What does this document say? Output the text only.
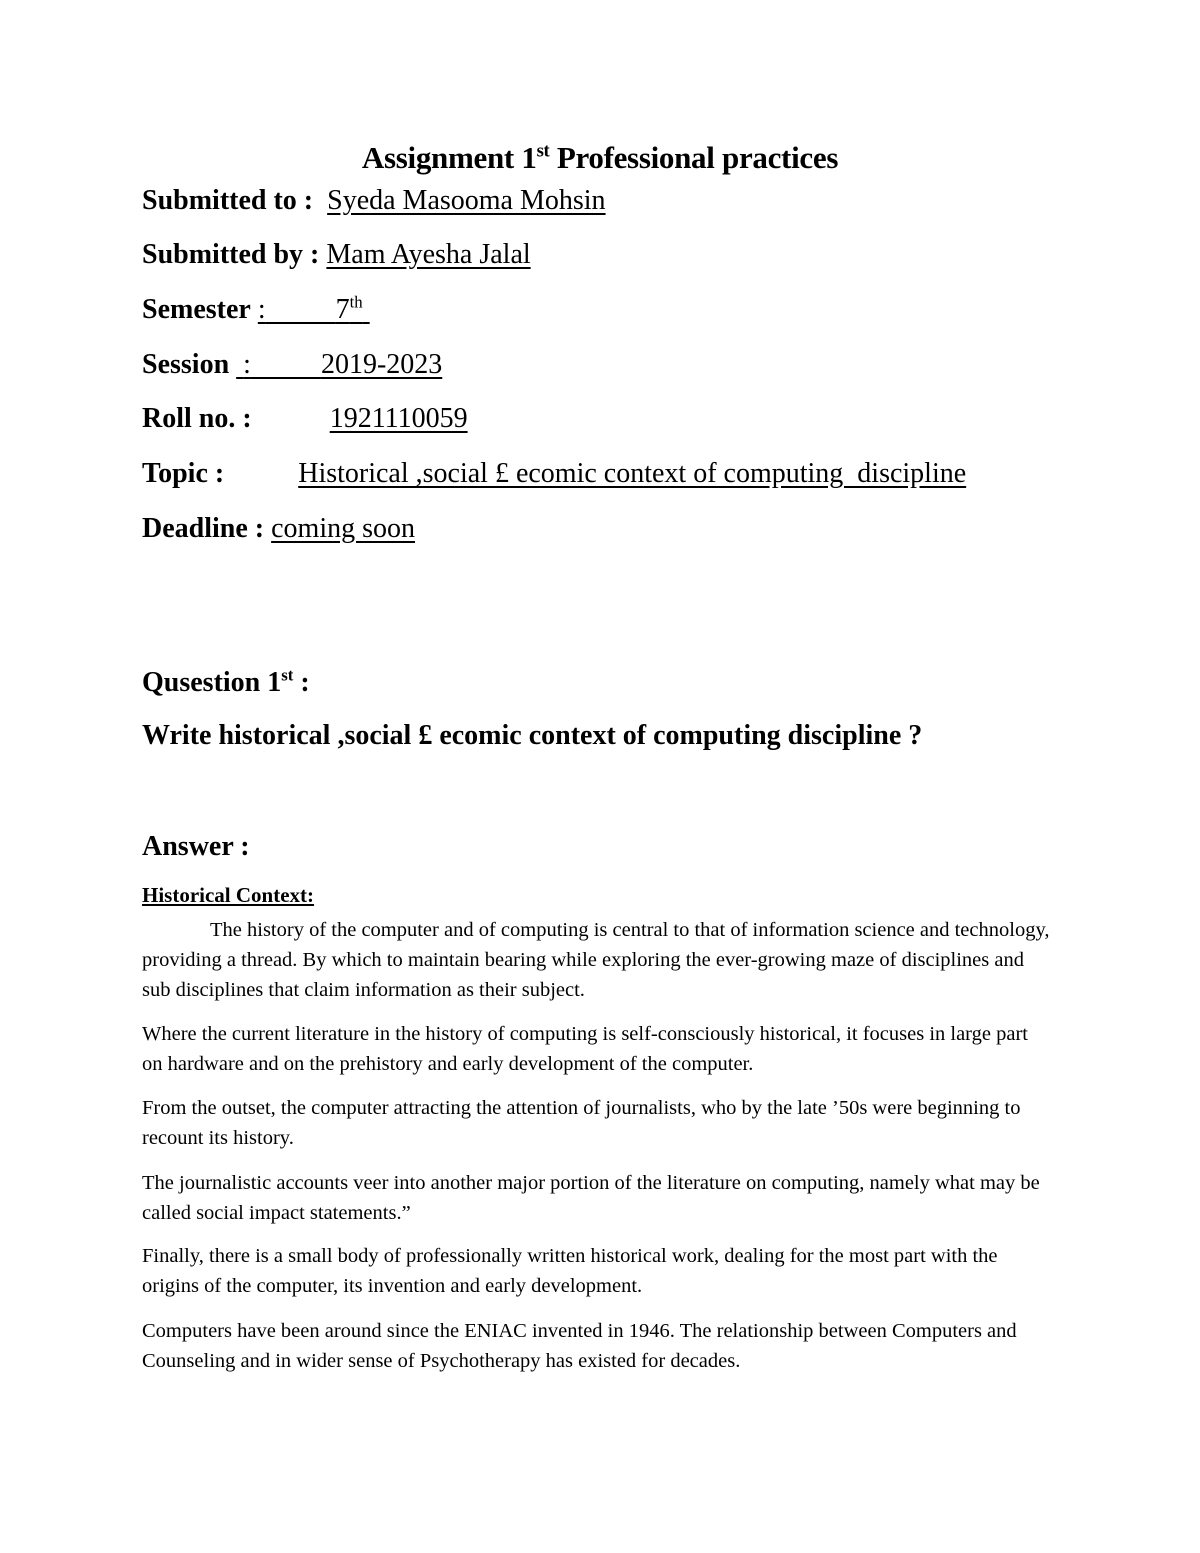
Assignment 1st Professional practices
Submitted to : Syeda Masooma Mohsin
Submitted by : Mam Ayesha Jalal
Semester :	7th
Session :	2019-2023
Roll no. :	1921110059
Topic :	Historical ,social £ ecomic context of computing  discipline
Deadline : coming soon
Qusestion 1st :
Write historical ,social £ ecomic context of computing discipline ?
Answer :
Historical Context:

The history of the computer and of computing is central to that of information science and technology, providing a thread. By which to maintain bearing while exploring the ever-growing maze of disciplines and sub disciplines that claim information as their subject.

Where the current literature in the history of computing is self-consciously historical, it focuses in large part on hardware and on the prehistory and early development of the computer.

From the outset, the computer attracting the attention of journalists, who by the late ’50s were beginning to recount its history.

The journalistic accounts veer into another major portion of the literature on computing, namely what may be called social impact statements.”

Finally, there is a small body of professionally written historical work, dealing for the most part with the origins of the computer, its invention and early development.

Computers have been around since the ENIAC invented in 1946. The relationship between Computers and Counseling and in wider sense of Psychotherapy has existed for decades.
